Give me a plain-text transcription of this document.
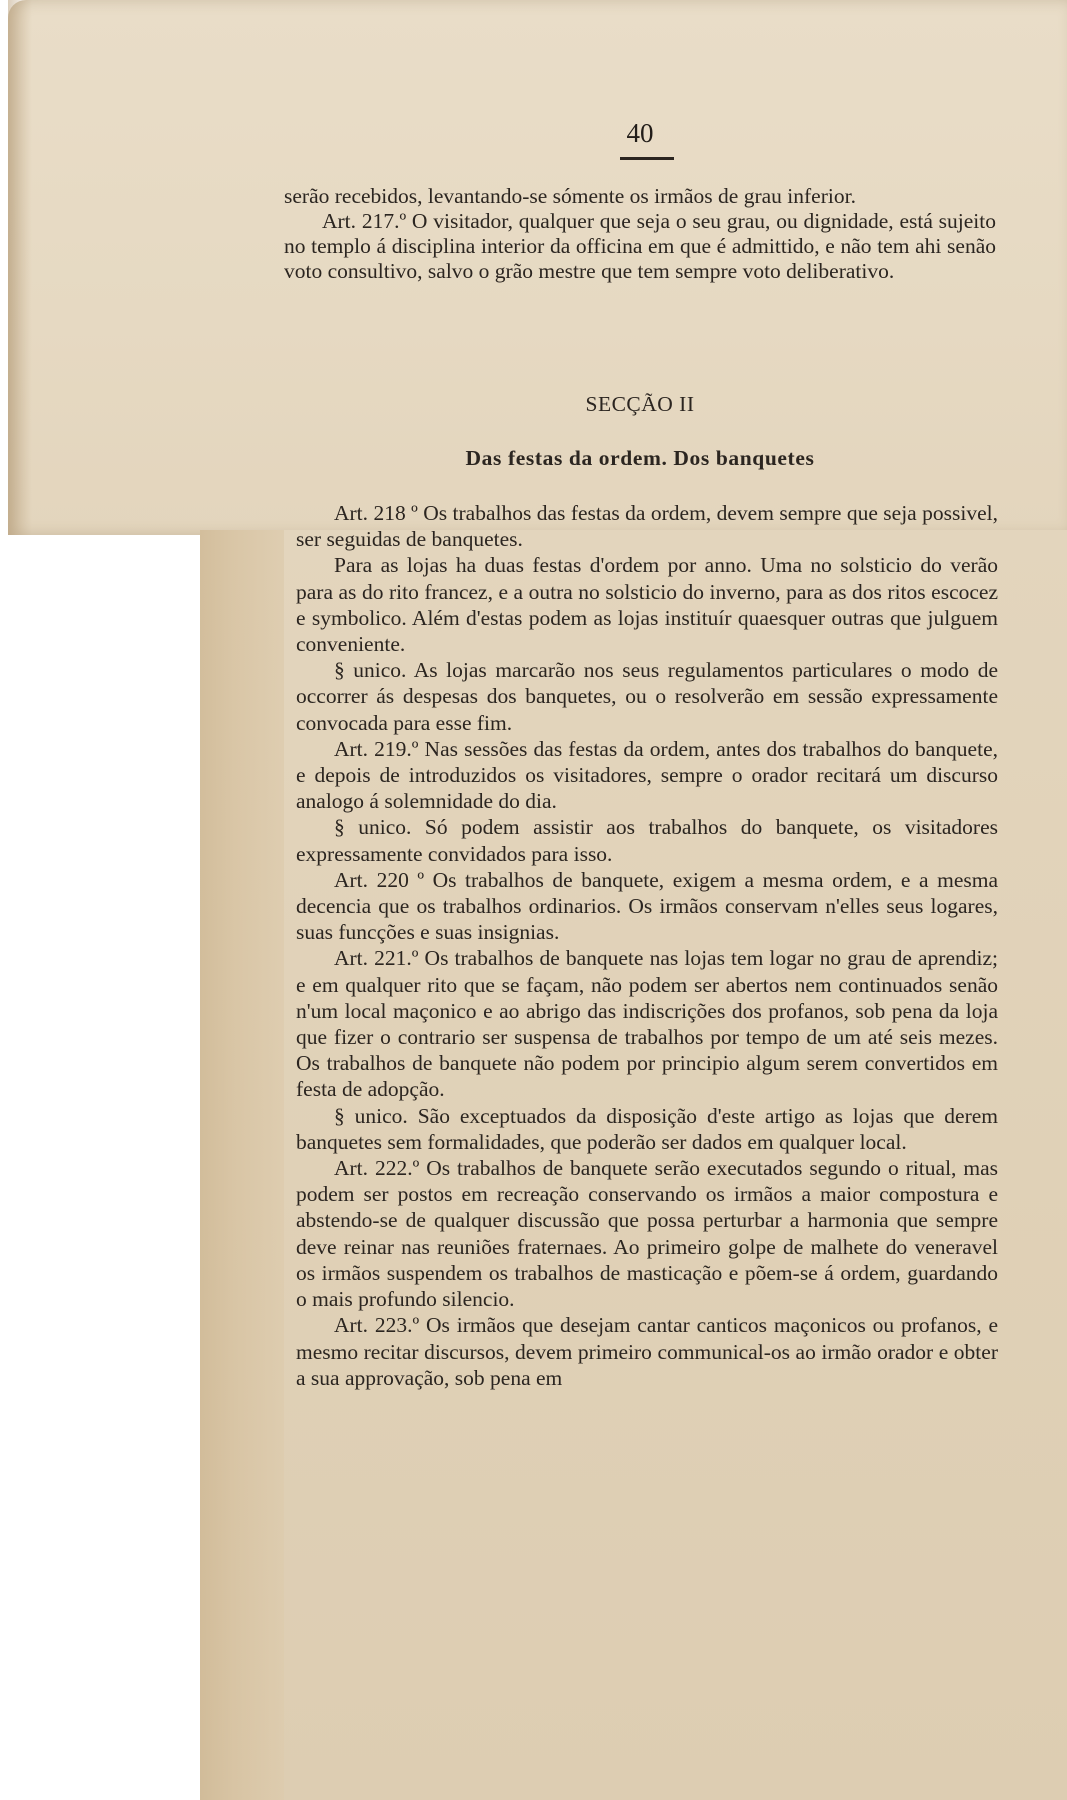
40

serão recebidos, levantando-se sómente os irmãos de grau inferior.

Art. 217.º O visitador, qualquer que seja o seu grau, ou dignidade, está sujeito no templo á disciplina interior da officina em que é admittido, e não tem ahi senão voto consultivo, salvo o grão mestre que tem sempre voto deliberativo.

SECÇÃO II
Das festas da ordem. Dos banquetes

Art. 218 º Os trabalhos das festas da ordem, devem sempre que seja possivel, ser seguidas de banquetes.

Para as lojas ha duas festas d'ordem por anno. Uma no solsticio do verão para as do rito francez, e a outra no solsticio do inverno, para as dos ritos escocez e symbolico. Além d'estas podem as lojas instituír quaesquer outras que julguem conveniente.

§ unico. As lojas marcarão nos seus regulamentos particulares o modo de occorrer ás despesas dos banquetes, ou o resolverão em sessão expressamente convocada para esse fim.

Art. 219.º Nas sessões das festas da ordem, antes dos trabalhos do banquete, e depois de introduzidos os visitadores, sempre o orador recitará um discurso analogo á solemnidade do dia.

§ unico. Só podem assistir aos trabalhos do banquete, os visitadores expressamente convidados para isso.

Art. 220 º Os trabalhos de banquete, exigem a mesma ordem, e a mesma decencia que os trabalhos ordinarios. Os irmãos conservam n'elles seus logares, suas funcções e suas insignias.

Art. 221.º Os trabalhos de banquete nas lojas tem logar no grau de aprendiz; e em qualquer rito que se façam, não podem ser abertos nem continuados senão n'um local maçonico e ao abrigo das indiscrições dos profanos, sob pena da loja que fizer o contrario ser suspensa de trabalhos por tempo de um até seis mezes. Os trabalhos de banquete não podem por principio algum serem convertidos em festa de adopção.

§ unico. São exceptuados da disposição d'este artigo as lojas que derem banquetes sem formalidades, que poderão ser dados em qualquer local.

Art. 222.º Os trabalhos de banquete serão executados segundo o ritual, mas podem ser postos em recreação conservando os irmãos a maior compostura e abstendo-se de qualquer discussão que possa perturbar a harmonia que sempre deve reinar nas reuniões fraternaes. Ao primeiro golpe de malhete do veneravel os irmãos suspendem os trabalhos de masticação e põem-se á ordem, guardando o mais profundo silencio.

Art. 223.º Os irmãos que desejam cantar canticos maçonicos ou profanos, e mesmo recitar discursos, devem primeiro communical-os ao irmão orador e obter a sua approvação, sob pena em
